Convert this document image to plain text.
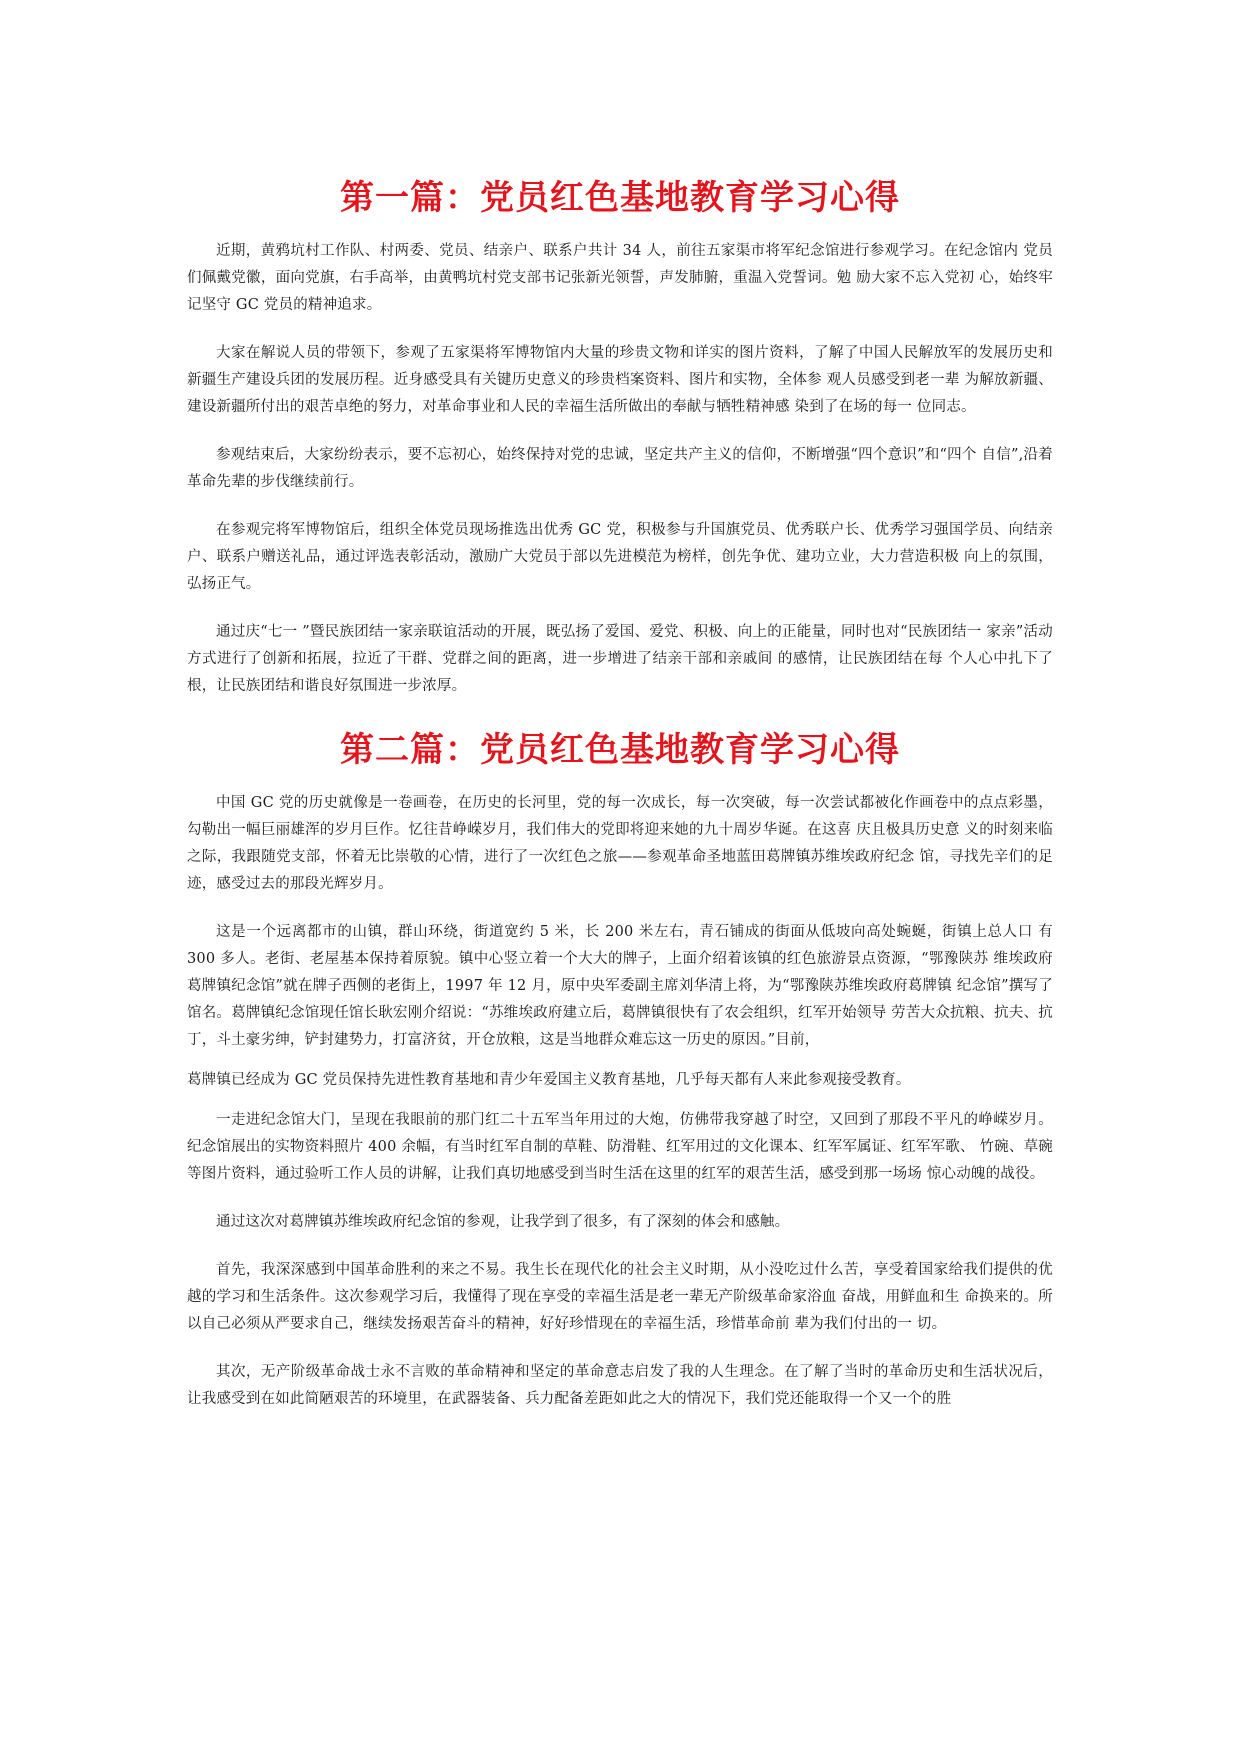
第一篇：党员红色基地教育学习心得

近期，黄鸦坑村工作队、村两委、党员、结亲户、联系户共计 34 人，前往五家渠市将军纪念馆进行参观学习。在纪念馆内 党员们佩戴党徽，面向党旗，右手高举，由黄鸭坑村党支部书记张新光领誓，声发肺腑，重温入党誓词。勉 励大家不忘入党初 心，始终牢记坚守 GC 党员的精神追求。

大家在解说人员的带领下，参观了五家渠将军博物馆内大量的珍贵文物和详实的图片资料，了解了中国人民解放军的发展历史和新疆生产建设兵团的发展历程。近身感受具有关键历史意义的珍贵档案资料、图片和实物，全体参 观人员感受到老一辈 为解放新疆、建设新疆所付出的艰苦卓绝的努力，对革命事业和人民的幸福生活所做出的奉献与牺牲精神感 染到了在场的每一 位同志。

参观结束后，大家纷纷表示，要不忘初心，始终保持对党的忠诚，坚定共产主义的信仰，不断增强“四个意识”和“四个 自信”,沿着革命先辈的步伐继续前行。

在参观完将军博物馆后，组织全体党员现场推选出优秀 GC 党，积极参与升国旗党员、优秀联户长、优秀学习强国学员、向结亲户、联系户赠送礼品，通过评选表彰活动，激励广大党员于部以先进模范为榜样，创先争优、建功立业，大力营造积极 向上的氛围，弘扬正气。

通过庆“七一 ”暨民族团结一家亲联谊活动的开展，既弘扬了爱国、爱党、积极、向上的正能量，同时也对“民族团结一 家亲”活动方式进行了创新和拓展，拉近了干群、党群之间的距离，进一步增进了结亲干部和亲戚间 的感情，让民族团结在每 个人心中扎下了根，让民族团结和谐良好氛围进一步浓厚。

第二篇：党员红色基地教育学习心得

中国 GC 党的历史就像是一卷画卷，在历史的长河里，党的每一次成长，每一次突破，每一次尝试都被化作画卷中的点点彩墨，勾勒出一幅巨丽雄浑的岁月巨作。忆往昔峥嵘岁月，我们伟大的党即将迎来她的九十周岁华诞。在这喜 庆且极具历史意 义的时刻来临之际，我跟随党支部，怀着无比崇敬的心情，进行了一次红色之旅——参观革命圣地蓝田葛牌镇苏维埃政府纪念 馆，寻找先辛们的足迹，感受过去的那段光辉岁月。

这是一个远离都市的山镇，群山环绕，街道宽约 5 米，长 200 米左右，青石铺成的街面从低坡向高处蜿蜒，街镇上总人口 有 300 多人。老街、老屋基本保持着原貌。镇中心竖立着一个大大的牌子，上面介绍着该镇的红色旅游景点资源，“鄂豫陕苏 维埃政府葛牌镇纪念馆”就在牌子西侧的老街上，1997 年 12 月，原中央军委副主席刘华清上将，为“鄂豫陕苏维埃政府葛牌镇 纪念馆”撰写了馆名。葛牌镇纪念馆现任馆长耿宏刚介绍说：“苏维埃政府建立后，葛牌镇很快有了农会组织，红军开始领导 劳苦大众抗粮、抗夫、抗丁，斗土豪劣绅，铲封建势力，打富济贫，开仓放粮，这是当地群众难忘这一历史的原因。”目前，

葛牌镇已经成为 GC 党员保持先进性教育基地和青少年爱国主义教育基地，几乎每天都有人来此参观接受教育。

一走进纪念馆大门，呈现在我眼前的那门红二十五军当年用过的大炮，仿佛带我穿越了时空，又回到了那段不平凡的峥嵘岁月。纪念馆展出的实物资料照片 400 余幅，有当时红军自制的草鞋、防滑鞋、红军用过的文化课本、红军军属证、红军军歌、 竹碗、草碗等图片资料，通过验听工作人员的讲解，让我们真切地感受到当时生活在这里的红军的艰苦生活，感受到那一场场 惊心动魄的战役。

通过这次对葛牌镇苏维埃政府纪念馆的参观，让我学到了很多，有了深刻的体会和感触。

首先，我深深感到中国革命胜利的来之不易。我生长在现代化的社会主义时期，从小没吃过什么苦，享受着国家给我们提供的优越的学习和生活条件。这次参观学习后，我懂得了现在享受的幸福生活是老一辈无产阶级革命家浴血 奋战，用鲜血和生 命换来的。所以自己必须从严要求自己，继续发扬艰苦奋斗的精神，好好珍惜现在的幸福生活，珍惜革命前 辈为我们付出的一 切。

其次，无产阶级革命战士永不言败的革命精神和坚定的革命意志启发了我的人生理念。在了解了当时的革命历史和生活状况后，让我感受到在如此简陋艰苦的环境里，在武器装备、兵力配备差距如此之大的情况下，我们党还能取得一个又一个的胜
